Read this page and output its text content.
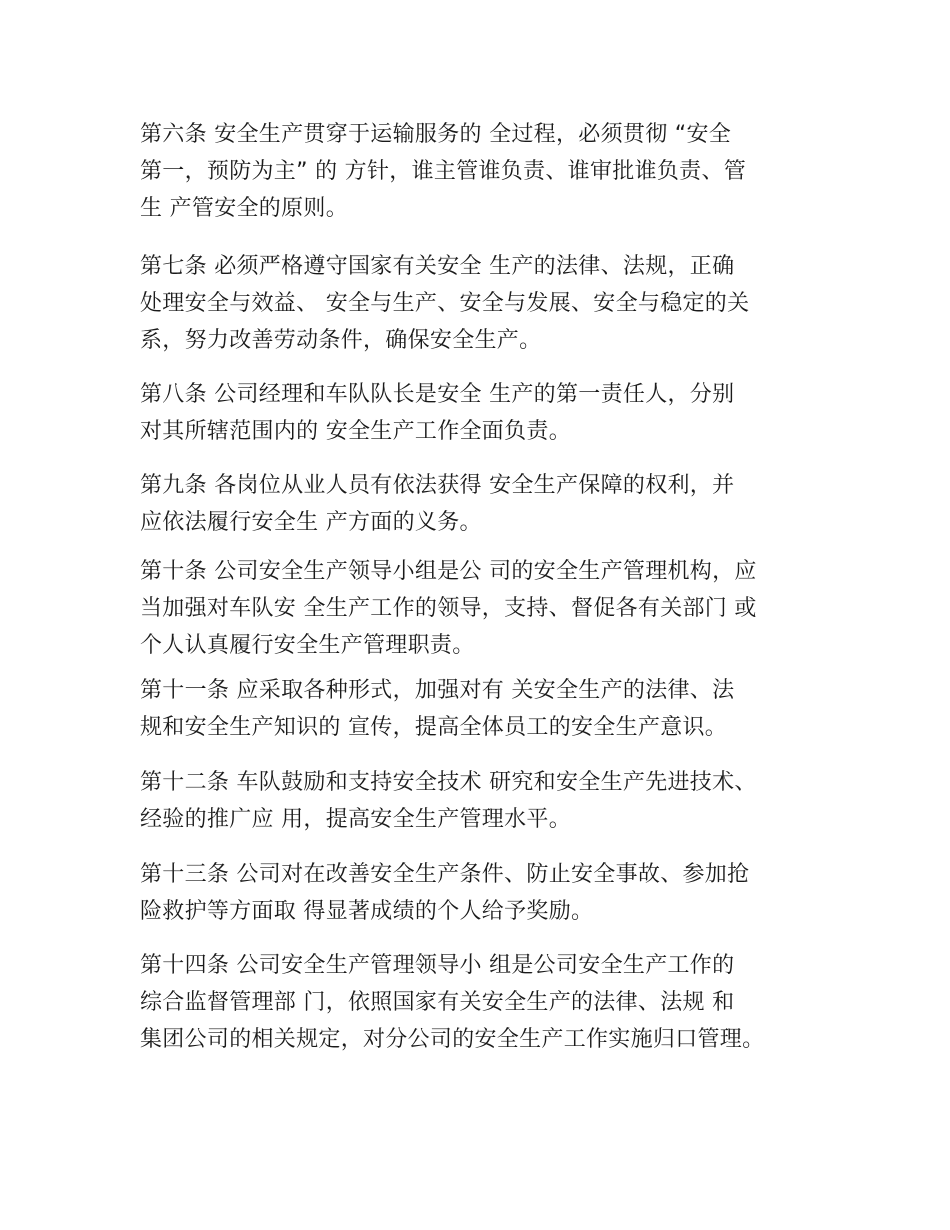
第六条 安全生产贯穿于运输服务的 全过程，必须贯彻 “安全
第一，预防为主” 的 方针，谁主管谁负责、谁审批谁负责、管
生 产管安全的原则。
第七条 必须严格遵守国家有关安全 生产的法律、法规，正确
处理安全与效益、 安全与生产、安全与发展、安全与稳定的关
系，努力改善劳动条件，确保安全生产。
第八条 公司经理和车队队长是安全 生产的第一责任人，分别
对其所辖范围内的 安全生产工作全面负责。
第九条 各岗位从业人员有依法获得 安全生产保障的权利，并
应依法履行安全生 产方面的义务。
第十条 公司安全生产领导小组是公 司的安全生产管理机构，应
当加强对车队安 全生产工作的领导，支持、督促各有关部门 或
个人认真履行安全生产管理职责。
第十一条 应采取各种形式，加强对有 关安全生产的法律、法
规和安全生产知识的 宣传，提高全体员工的安全生产意识。
第十二条 车队鼓励和支持安全技术 研究和安全生产先进技术、
经验的推广应 用，提高安全生产管理水平。
第十三条 公司对在改善安全生产条件、防止安全事故、参加抢
险救护等方面取 得显著成绩的个人给予奖励。
第十四条 公司安全生产管理领导小 组是公司安全生产工作的
综合监督管理部 门，依照国家有关安全生产的法律、法规 和
集团公司的相关规定，对分公司的安全生产工作实施归口管理。
